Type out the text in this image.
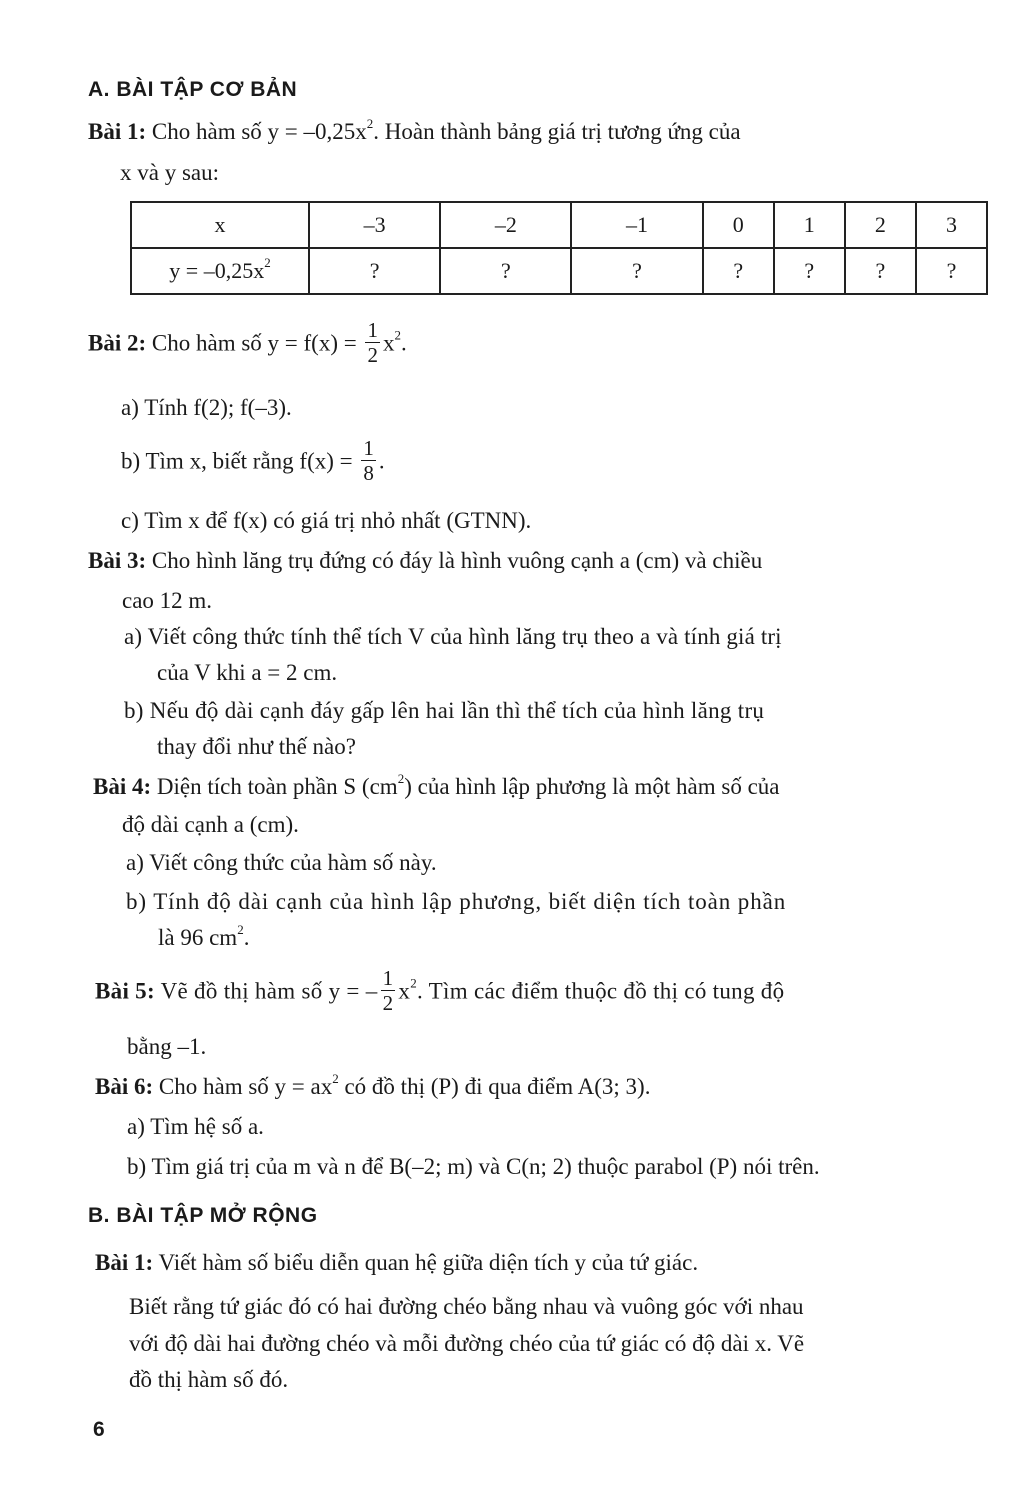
A. BÀI TẬP CƠ BẢN
Bài 1: Cho hàm số $y = -0,25x^2$. Hoàn thành bảng giá trị tương ứng của
x và y sau:
x	–3	–2	–1	0	1	2	3
$y = -0,25x^2$	?	?	?	?	?	?	?
Bài 2: Cho hàm số $y = f(x) = \frac{1}{2} x^2$.
a) Tính f(2); f(–3).
b) Tìm x, biết rằng $f(x) = \frac{1}{8}$ .
c) Tìm x để f(x) có giá trị nhỏ nhất (GTNN).
Bài 3: Cho hình lăng trụ đứng có đáy là hình vuông cạnh a (cm) và chiều
cao 12 m.
a) Viết công thức tính thể tích V của hình lăng trụ theo a và tính giá trị
của V khi a = 2 cm.
b) Nếu độ dài cạnh đáy gấp lên hai lần thì thể tích của hình lăng trụ
thay đổi như thế nào?
Bài 4: Diện tích toàn phần S $(cm^2)$ của hình lập phương là một hàm số của
độ dài cạnh a (cm).
a) Viết công thức của hàm số này.
b) Tính độ dài cạnh của hình lập phương, biết diện tích toàn phần
là 96 $cm^2$.
Bài 5: Vẽ đồ thị hàm số y = – $\frac{1}{2} x^2$. Tìm các điểm thuộc đồ thị có tung độ
bằng –1.
Bài 6: Cho hàm số $y = ax^2$ có đồ thị (P) đi qua điểm A(3; 3).
a) Tìm hệ số a.
b) Tìm giá trị của m và n để B(–2; m) và C(n; 2) thuộc parabol (P) nói trên.
B. BÀI TẬP MỞ RỘNG
Bài 1: Viết hàm số biểu diễn quan hệ giữa diện tích y của tứ giác.
Biết rằng tứ giác đó có hai đường chéo bằng nhau và vuông góc với nhau
với độ dài hai đường chéo và mỗi đường chéo của tứ giác có độ dài x. Vẽ
đồ thị hàm số đó.
6
